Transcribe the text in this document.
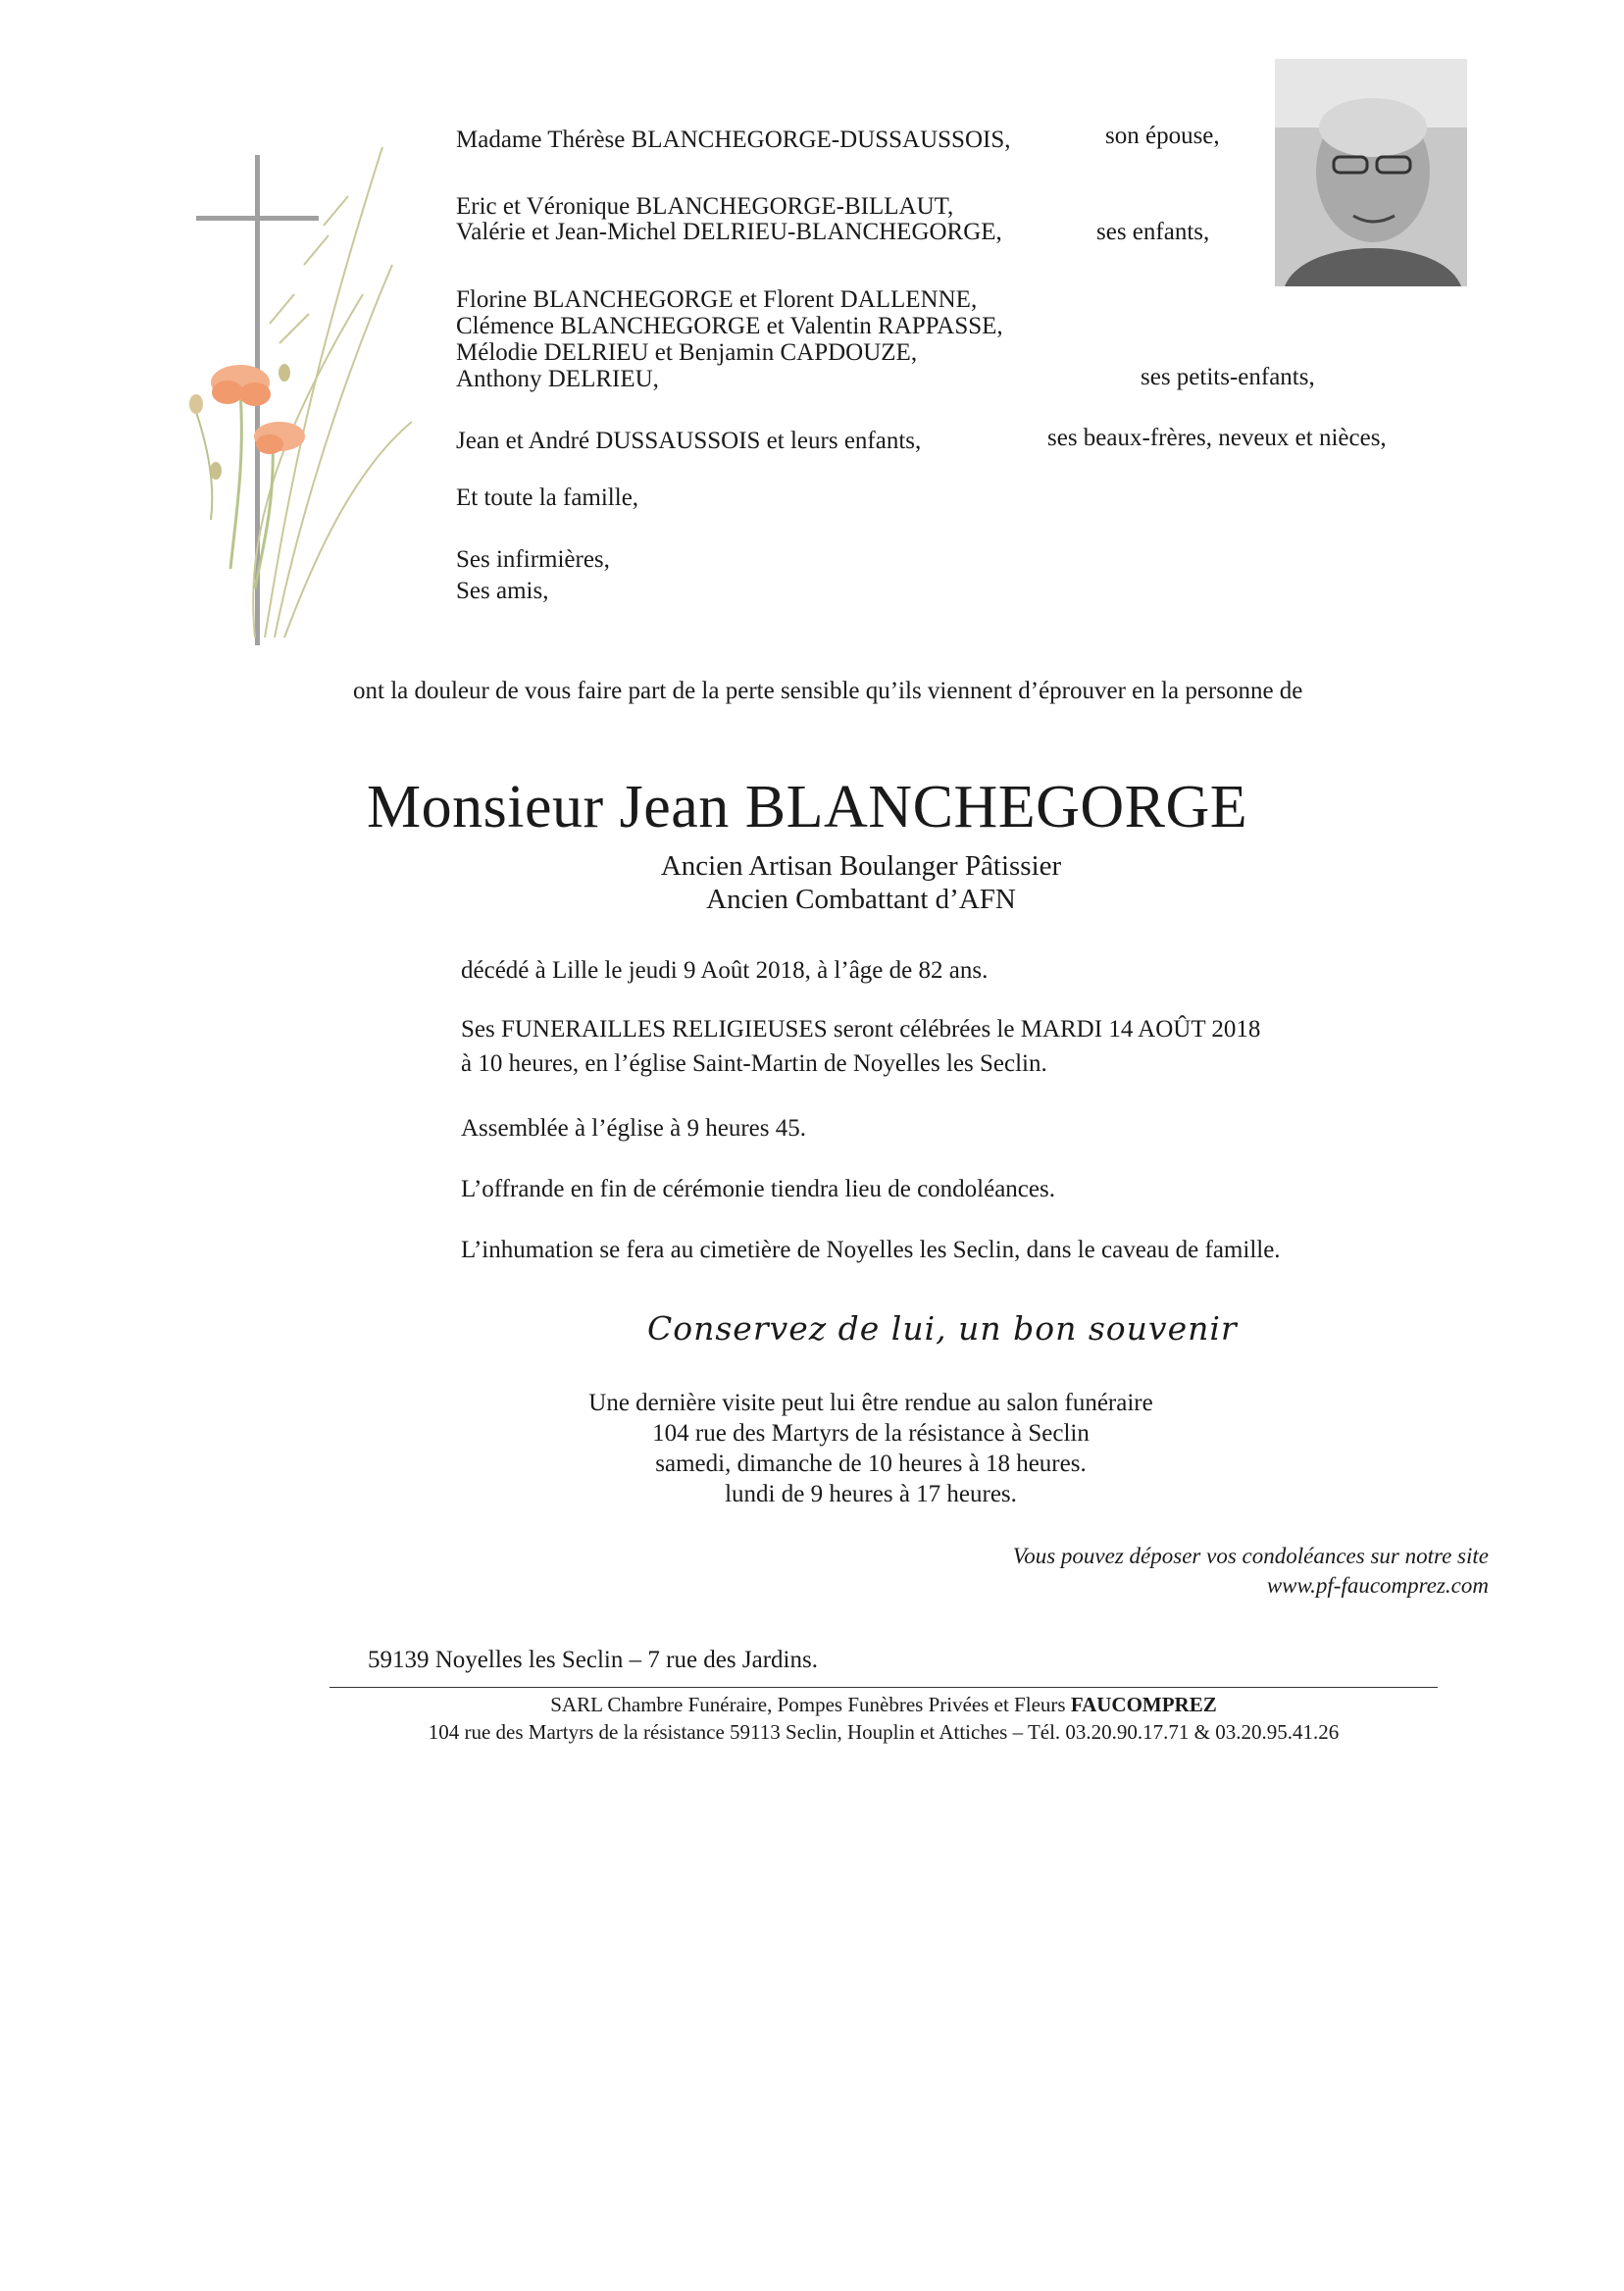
Madame Thérèse BLANCHEGORGE-DUSSAUSSOIS,	son épouse,
Eric et Véronique BLANCHEGORGE-BILLAUT,
Valérie et Jean-Michel DELRIEU-BLANCHEGORGE,	ses enfants,
Florine BLANCHEGORGE et Florent DALLENNE,
Clémence BLANCHEGORGE et Valentin RAPPASSE,
Mélodie DELRIEU et Benjamin CAPDOUZE,
Anthony DELRIEU,	ses petits-enfants,
Jean et André DUSSAUSSOIS et leurs enfants,	ses beaux-frères, neveux et nièces,
Et toute la famille,
Ses infirmières,
Ses amis,
ont la douleur de vous faire part de la perte sensible qu’ils viennent d’éprouver en la personne de
Monsieur Jean BLANCHEGORGE
Ancien Artisan Boulanger Pâtissier
Ancien Combattant d’AFN
décédé à Lille le jeudi 9 Août 2018, à l’âge de 82 ans.
Ses FUNERAILLES RELIGIEUSES seront célébrées le MARDI 14 AOÛT 2018
à 10 heures, en l’église Saint-Martin de Noyelles les Seclin.
Assemblée à l’église à 9 heures 45.
L’offrande en fin de cérémonie tiendra lieu de condoléances.
L’inhumation se fera au cimetière de Noyelles les Seclin, dans le caveau de famille.
Conservez de lui, un bon souvenir
Une dernière visite peut lui être rendue au salon funéraire
104 rue des Martyrs de la résistance à Seclin
samedi, dimanche de 10 heures à 18 heures.
lundi de 9 heures à 17 heures.
Vous pouvez déposer vos condoléances sur notre site
www.pf-faucomprez.com
59139 Noyelles les Seclin – 7 rue des Jardins.
SARL Chambre Funéraire, Pompes Funèbres Privées et Fleurs FAUCOMPREZ
104 rue des Martyrs de la résistance 59113 Seclin, Houplin et Attiches – Tél. 03.20.90.17.71 & 03.20.95.41.26
